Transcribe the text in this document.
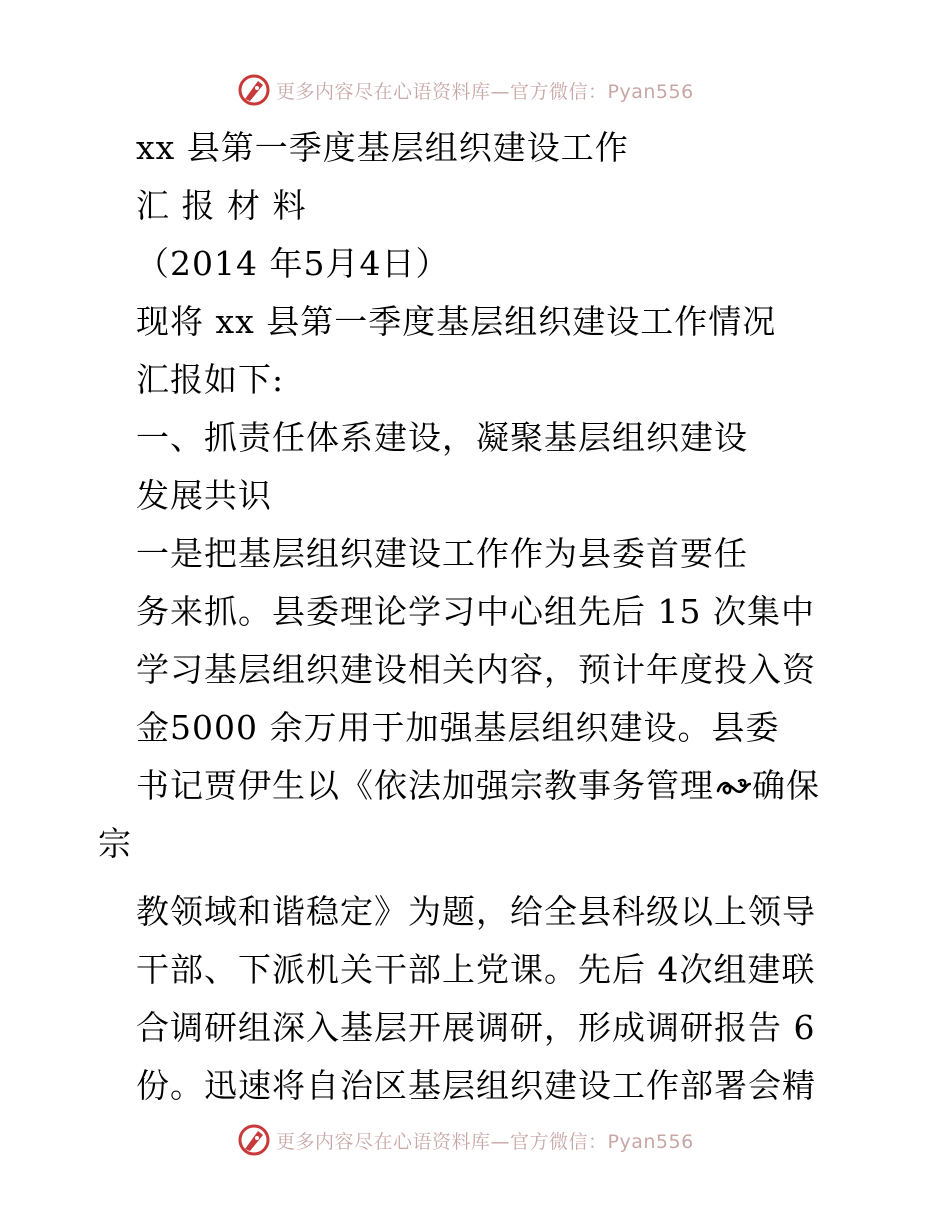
更多内容尽在心语资料库—官方微信：Pyan556
xx 县第一季度基层组织建设工作
汇 报 材 料
（2014 年5月4日）
现将 xx 县第一季度基层组织建设工作情况
汇报如下:
一、抓责任体系建设，凝聚基层组织建设
发展共识
一是把基层组织建设工作作为县委首要任
务来抓。县委理论学习中心组先后 15 次集中
学习基层组织建设相关内容，预计年度投入资
金5000 余万用于加强基层组织建设。县委
书记贾伊生以《依法加强宗教事务管理 确保
宗
教领域和谐稳定》为题，给全县科级以上领导
干部、下派机关干部上党课。先后 4次组建联
合调研组深入基层开展调研，形成调研报告 6
份。迅速将自治区基层组织建设工作部署会精
更多内容尽在心语资料库—官方微信：Pyan556
